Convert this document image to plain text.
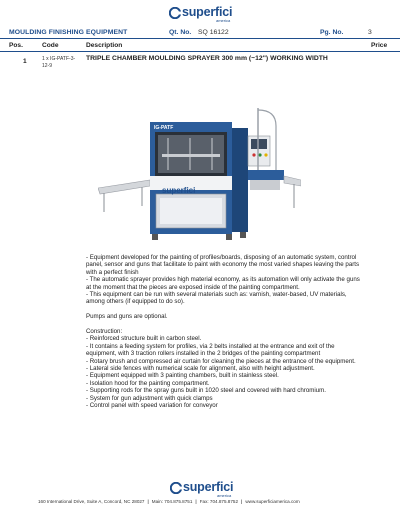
superfici
america
MOULDING FINISHING EQUIPMENT	Qt. No. SQ 16122	Pg. No.	3
Pos.	Code	Description	Price
1	1 x IG-PATF-3-12-9
TRIPLE CHAMBER MOULDING SPRAYER 300 mm (~12") WORKING WIDTH
IG-PATF
superfici

- Equipment developed for the painting of profiles/boards, disposing of an automatic system, control panel, sensor and guns that facilitate to paint with economy the most varied shapes leaving the parts with a perfect finish

- The automatic sprayer provides high material economy, as its automation will only activate the guns at the moment that the pieces are exposed inside of the painting compartment.

- This equipment can be run with several materials such as: varnish, water-based, UV materials, among others (if equipped to do so).

Pumps and guns are optional.

Construction:

- Reinforced structure built in carbon steel.

- It contains a feeding system for profiles, via 2 belts installed at the entrance and exit of the equipment, with 3 traction rollers installed in the 2 bridges of the painting compartment

- Rotary brush and compressed air curtain for cleaning the pieces at the entrance of the equipment.

- Lateral side fences with numerical scale for alignment, also with height adjustment.

- Equipment equipped with 3 painting chambers, built in stainless steel.

- Isolation hood for the painting compartment.

- Supporting rods for the spray guns built in 1020 steel and covered with hard chromium.

- System for gun adjustment with quick clamps

- Control panel with speed variation for conveyor

superfici
america
160 International Drive, Suite A, Concord, NC 28027 | Main: 704.875.8751 | Fax: 704.875.8752 | www.superficiamerica.com
